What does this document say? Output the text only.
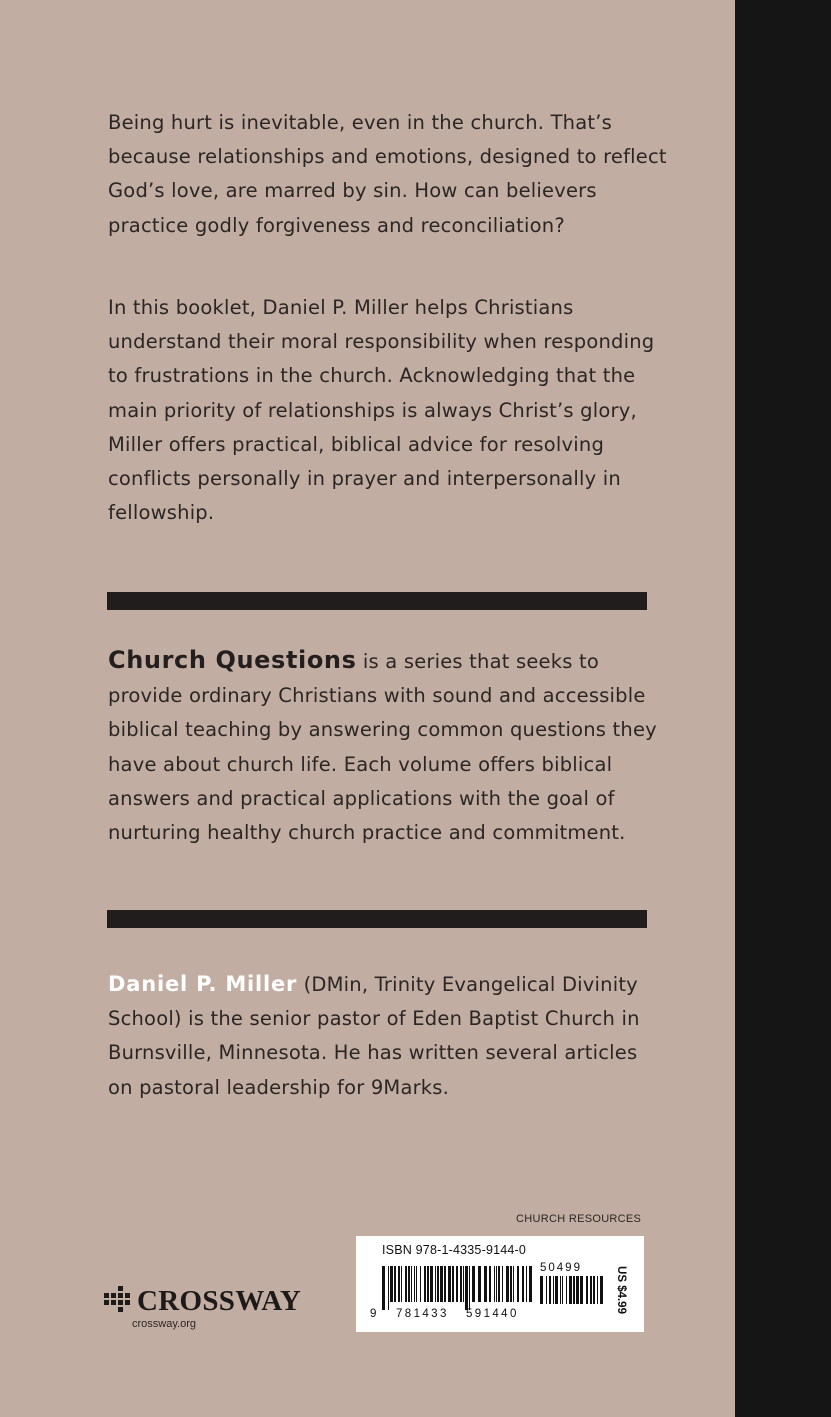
Being hurt is inevitable, even in the church. That’s because relationships and emotions, designed to reflect God’s love, are marred by sin. How can believers practice godly forgiveness and reconciliation?

In this booklet, Daniel P. Miller helps Christians understand their moral responsibility when responding to frustrations in the church. Acknowledging that the main priority of relationships is always Christ’s glory, Miller offers practical, biblical advice for resolving conflicts personally in prayer and interpersonally in fellowship.

Church Questions is a series that seeks to provide ordinary Christians with sound and accessible biblical teaching by answering common questions they have about church life. Each volume offers biblical answers and practical applications with the goal of nurturing healthy church practice and commitment.

Daniel P. Miller (DMin, Trinity Evangelical Divinity School) is the senior pastor of Eden Baptist Church in Burnsville, Minnesota. He has written several articles on pastoral leadership for 9Marks.

CHURCH RESOURCES
ISBN 978-1-4335-9144-0
50499
9 781433 591440
US $4.99
CROSSWAY
crossway.org
